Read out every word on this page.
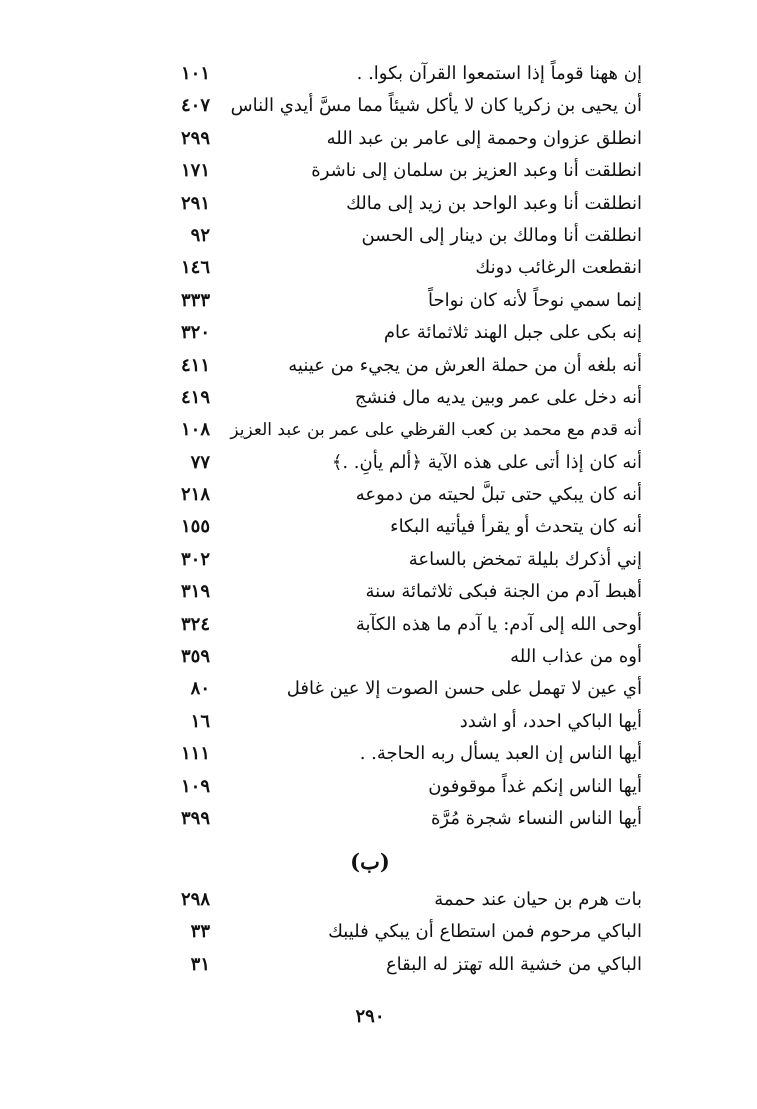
إن ههنا قوماً إذا استمعوا القرآن بكوا. .
١٠١
أن يحيى بن زكريا كان لا يأكل شيئاً مما مسَّ أيدي الناس
٤٠٧
انطلق عزوان وحممة إلى عامر بن عبد الله
٢٩٩
انطلقت أنا وعبد العزيز بن سلمان إلى ناشرة
١٧١
انطلقت أنا وعبد الواحد بن زيد إلى مالك
٢٩١
انطلقت أنا ومالك بن دينار إلى الحسن
٩٢
انقطعت الرغائب دونك
١٤٦
إنما سمي نوحاً لأنه كان نواحاً
٣٣٣
إنه بكى على جبل الهند ثلاثمائة عام
٣٢٠
أنه بلغه أن من حملة العرش من يجيء من عينيه
٤١١
أنه دخل على عمر وبين يديه مال فنشج
٤١٩
أنه قدم مع محمد بن كعب القرظي على عمر بن عبد العزيز
١٠٨
أنه كان إذا أتى على هذه الآية ﴿ألم يأنِ. .﴾
٧٧
أنه كان يبكي حتى تبلَّ لحيته من دموعه
٢١٨
أنه كان يتحدث أو يقرأ فيأتيه البكاء
١٥٥
إني أذكرك بليلة تمخض بالساعة
٣٠٢
أهبط آدم من الجنة فبكى ثلاثمائة سنة
٣١٩
أوحى الله إلى آدم: يا آدم ما هذه الكآبة
٣٢٤
أوه من عذاب الله
٣٥٩
أي عين لا تهمل على حسن الصوت إلا عين غافل
٨٠
أيها الباكي احدد، أو اشدد
١٦
أيها الناس إن العبد يسأل ربه الحاجة. .
١١١
أيها الناس إنكم غداً موقوفون
١٠٩
أيها الناس النساء شجرة مُرَّة
٣٩٩
(ب)
بات هرم بن حيان عند حممة
٢٩٨
الباكي مرحوم فمن استطاع أن يبكي فليبك
٣٣
الباكي من خشية الله تهتز له البقاع
٣١
٢٩٠
